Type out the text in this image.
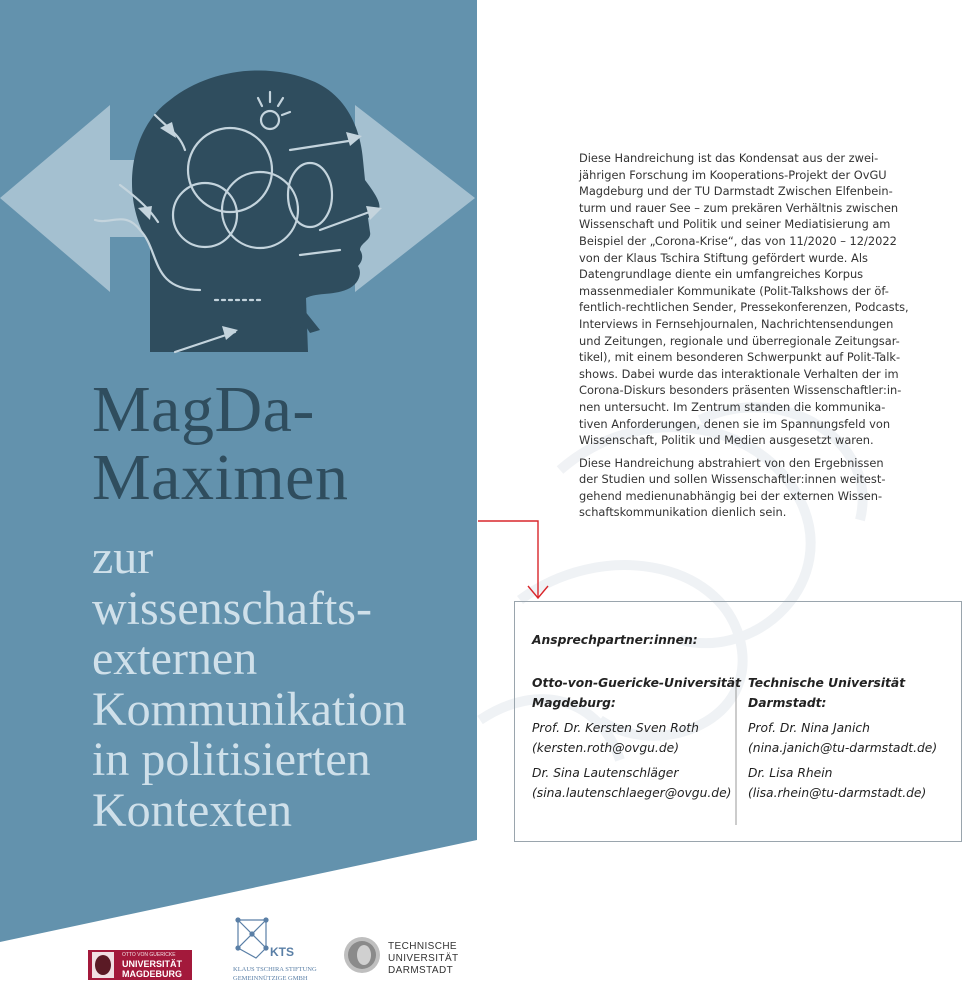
MagDa-
Maximen
zur
wissenschafts-
externen
Kommunikation
in politisierten
Kontexten

Diese Handreichung ist das Kondensat aus der zwei-
jährigen Forschung im Kooperations-Projekt der OvGU
Magdeburg und der TU Darmstadt Zwischen Elfenbein-
turm und rauer See – zum prekären Verhältnis zwischen
Wissenschaft und Politik und seiner Mediatisierung am
Beispiel der „Corona-Krise“, das von 11/2020 – 12/2022
von der Klaus Tschira Stiftung gefördert wurde. Als
Datengrundlage diente ein umfangreiches Korpus
massenmedialer Kommunikate (Polit-Talkshows der öf-
fentlich-rechtlichen Sender, Pressekonferenzen, Podcasts,
Interviews in Fernsehjournalen, Nachrichtensendungen
und Zeitungen, regionale und überregionale Zeitungsar-
tikel), mit einem besonderen Schwerpunkt auf Polit-Talk-
shows. Dabei wurde das interaktionale Verhalten der im
Corona-Diskurs besonders präsenten Wissenschaftler:in-
nen untersucht. Im Zentrum standen die kommunika-
tiven Anforderungen, denen sie im Spannungsfeld von
Wissenschaft, Politik und Medien ausgesetzt waren.

Diese Handreichung abstrahiert von den Ergebnissen
der Studien und sollen Wissenschaftler:innen weitest-
gehend medienunabhängig bei der externen Wissen-
schaftskommunikation dienlich sein.

Ansprechpartner:innen:
Otto-von-Guericke-Universität
Magdeburg:
Prof. Dr. Kersten Sven Roth
(kersten.roth@ovgu.de)
Dr. Sina Lautenschläger
(sina.lautenschlaeger@ovgu.de)
Technische Universität
Darmstadt:
Prof. Dr. Nina Janich
(nina.janich@tu-darmstadt.de)
Dr. Lisa Rhein
(lisa.rhein@tu-darmstadt.de)
OTTO VON GUERICKE
UNIVERSITÄT
MAGDEBURG
KTS
KLAUS TSCHIRA STIFTUNG
GEMEINNÜTZIGE GMBH
TECHNISCHE
UNIVERSITÄT
DARMSTADT
